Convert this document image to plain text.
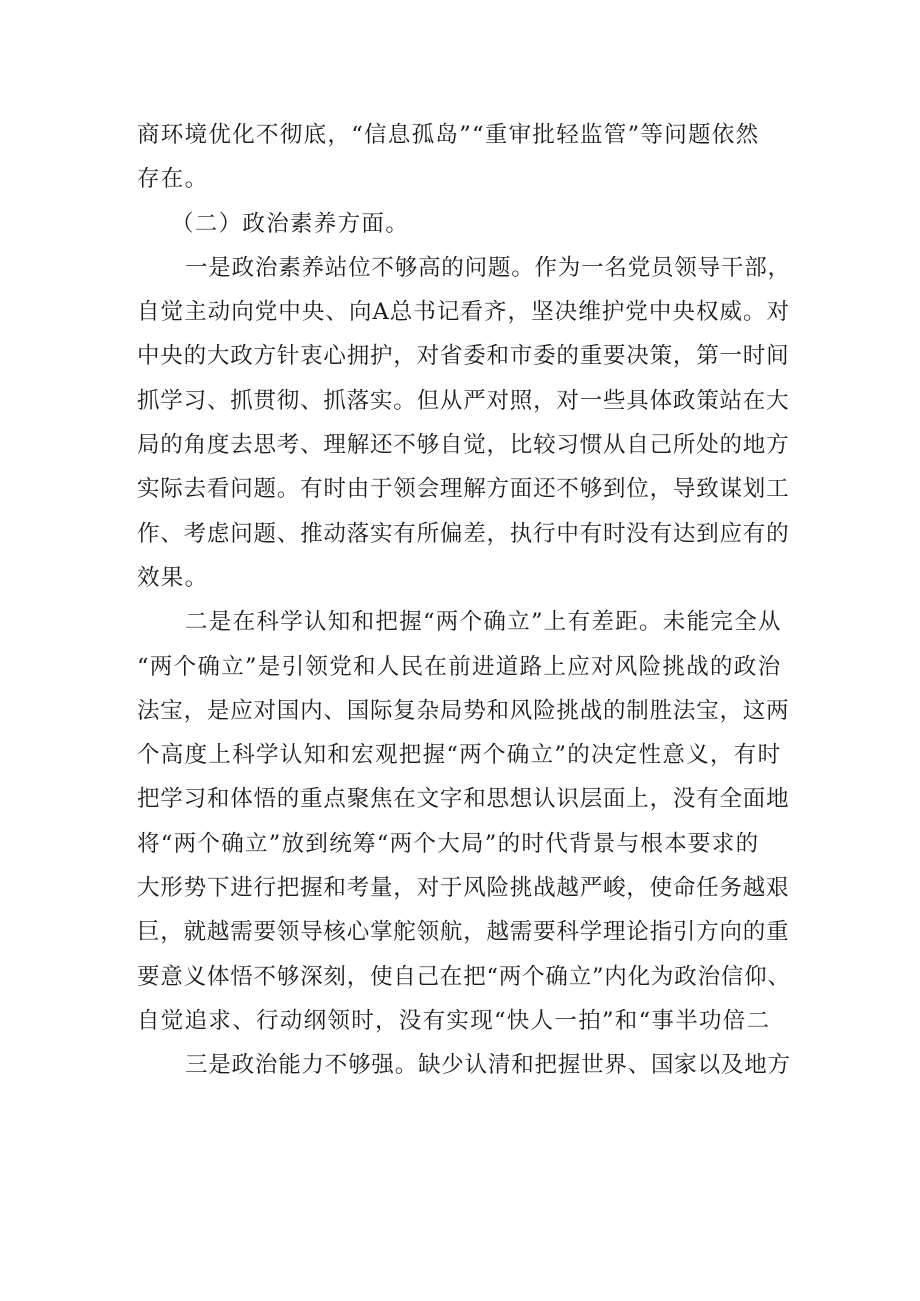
商环境优化不彻底，“信息孤岛”“重审批轻监管”等问题依然
存在。
（二）政治素养方面。
一是政治素养站位不够高的问题。作为一名党员领导干部，
自觉主动向党中央、向A总书记看齐，坚决维护党中央权威。对
中央的大政方针衷心拥护，对省委和市委的重要决策，第一时间
抓学习、抓贯彻、抓落实。但从严对照，对一些具体政策站在大
局的角度去思考、理解还不够自觉，比较习惯从自己所处的地方
实际去看问题。有时由于领会理解方面还不够到位，导致谋划工
作、考虑问题、推动落实有所偏差，执行中有时没有达到应有的
效果。
二是在科学认知和把握“两个确立”上有差距。未能完全从
“两个确立”是引领党和人民在前进道路上应对风险挑战的政治
法宝，是应对国内、国际复杂局势和风险挑战的制胜法宝，这两
个高度上科学认知和宏观把握“两个确立”的决定性意义，有时
把学习和体悟的重点聚焦在文字和思想认识层面上，没有全面地
将“两个确立”放到统筹“两个大局”的时代背景与根本要求的
大形势下进行把握和考量，对于风险挑战越严峻，使命任务越艰
巨，就越需要领导核心掌舵领航，越需要科学理论指引方向的重
要意义体悟不够深刻，使自己在把“两个确立”内化为政治信仰、
自觉追求、行动纲领时，没有实现“快人一拍”和“事半功倍二
三是政治能力不够强。缺少认清和把握世界、国家以及地方
